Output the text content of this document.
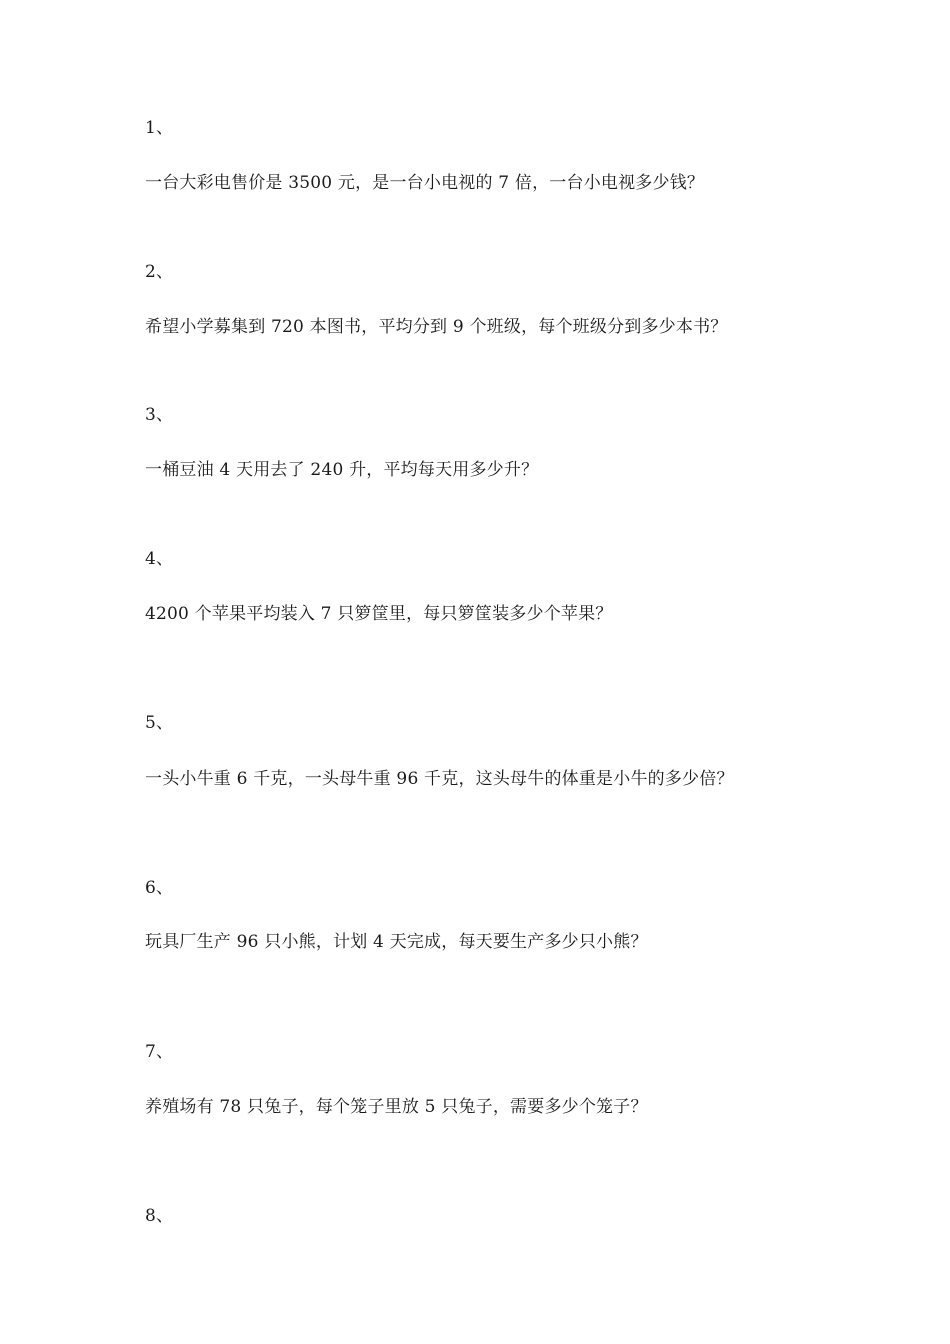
1、

一台大彩电售价是 3500 元，是一台小电视的 7 倍，一台小电视多少钱？

2、

希望小学募集到 720 本图书，平均分到 9 个班级，每个班级分到多少本书？

3、

一桶豆油 4 天用去了 240 升，平均每天用多少升？

4、

4200 个苹果平均装入 7 只箩筐里，每只箩筐装多少个苹果？

5、

一头小牛重 6 千克，一头母牛重 96 千克，这头母牛的体重是小牛的多少倍？

6、

玩具厂生产 96 只小熊，计划 4 天完成，每天要生产多少只小熊？

7、

养殖场有 78 只兔子，每个笼子里放 5 只兔子，需要多少个笼子？

8、
